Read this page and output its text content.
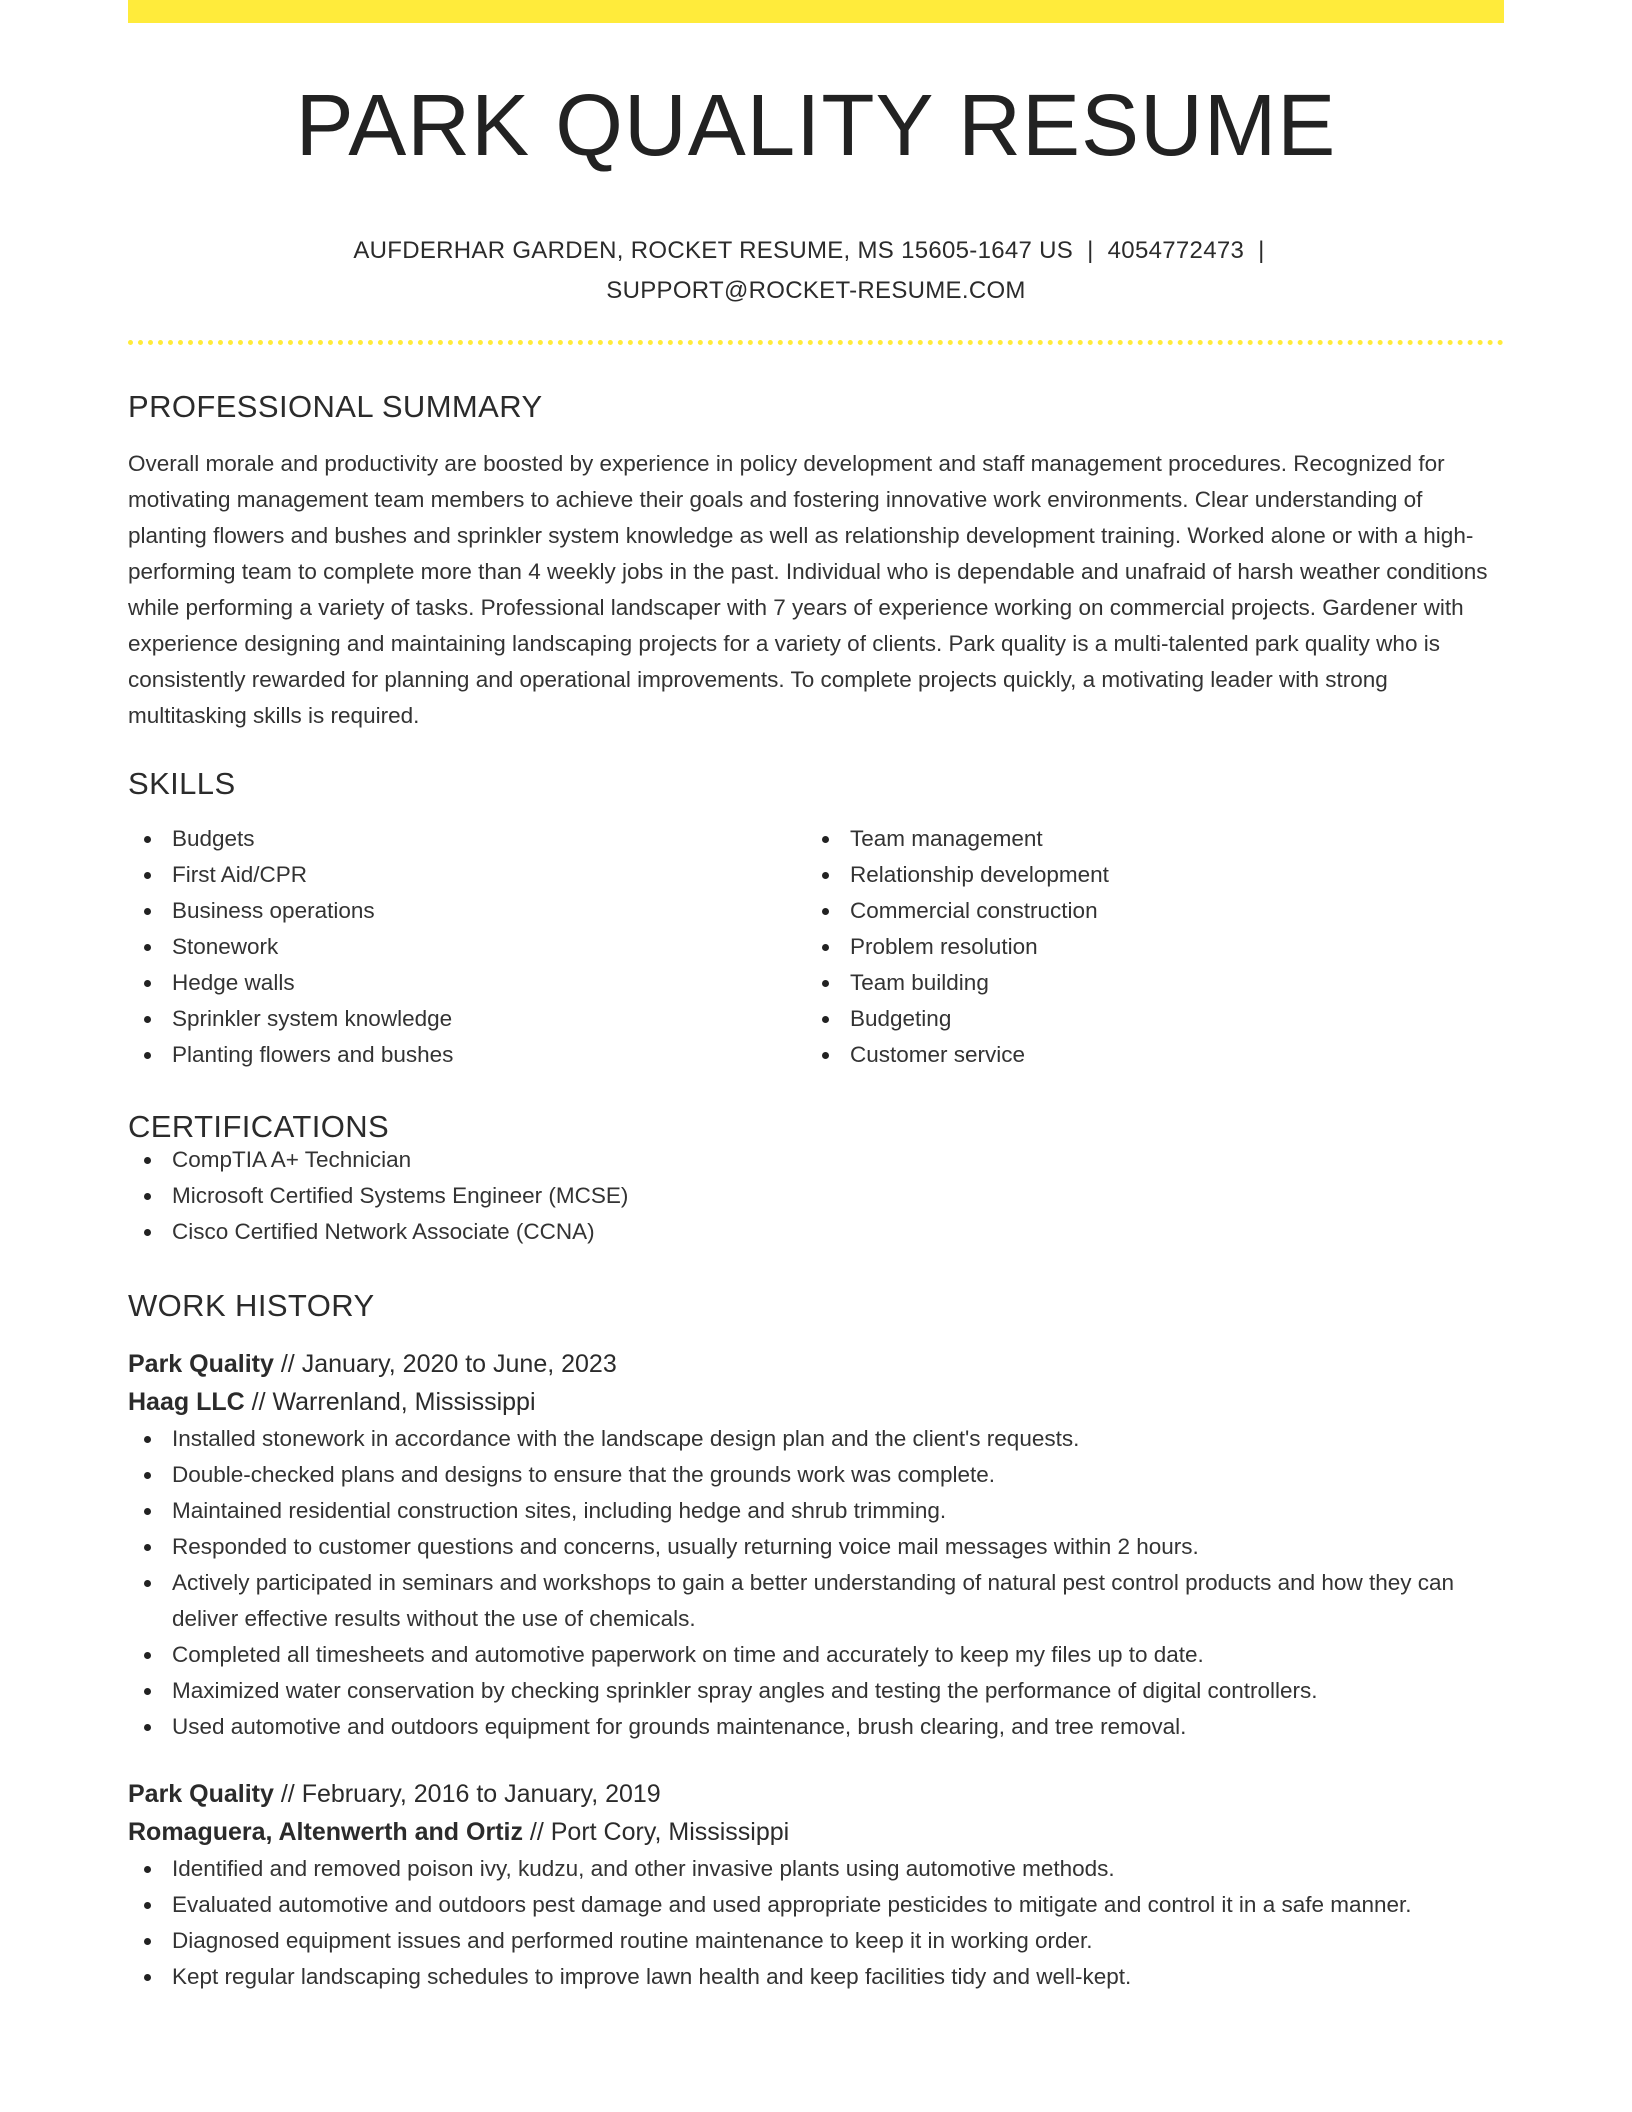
PARK QUALITY RESUME
AUFDERHAR GARDEN, ROCKET RESUME, MS 15605-1647 US | 4054772473 |
SUPPORT@ROCKET-RESUME.COM
PROFESSIONAL SUMMARY

Overall morale and productivity are boosted by experience in policy development and staff management procedures. Recognized for motivating management team members to achieve their goals and fostering innovative work environments. Clear understanding of planting flowers and bushes and sprinkler system knowledge as well as relationship development training. Worked alone or with a high-performing team to complete more than 4 weekly jobs in the past. Individual who is dependable and unafraid of harsh weather conditions while performing a variety of tasks. Professional landscaper with 7 years of experience working on commercial projects. Gardener with experience designing and maintaining landscaping projects for a variety of clients. Park quality is a multi-talented park quality who is consistently rewarded for planning and operational improvements. To complete projects quickly, a motivating leader with strong multitasking skills is required.

SKILLS
Budgets
First Aid/CPR
Business operations
Stonework
Hedge walls
Sprinkler system knowledge
Planting flowers and bushes
Team management
Relationship development
Commercial construction
Problem resolution
Team building
Budgeting
Customer service
CERTIFICATIONS
CompTIA A+ Technician
Microsoft Certified Systems Engineer (MCSE)
Cisco Certified Network Associate (CCNA)
WORK HISTORY
Park Quality // January, 2020 to June, 2023
Haag LLC // Warrenland, Mississippi
Installed stonework in accordance with the landscape design plan and the client's requests.
Double-checked plans and designs to ensure that the grounds work was complete.
Maintained residential construction sites, including hedge and shrub trimming.
Responded to customer questions and concerns, usually returning voice mail messages within 2 hours.
Actively participated in seminars and workshops to gain a better understanding of natural pest control products and how they can deliver effective results without the use of chemicals.
Completed all timesheets and automotive paperwork on time and accurately to keep my files up to date.
Maximized water conservation by checking sprinkler spray angles and testing the performance of digital controllers.
Used automotive and outdoors equipment for grounds maintenance, brush clearing, and tree removal.
Park Quality // February, 2016 to January, 2019
Romaguera, Altenwerth and Ortiz // Port Cory, Mississippi
Identified and removed poison ivy, kudzu, and other invasive plants using automotive methods.
Evaluated automotive and outdoors pest damage and used appropriate pesticides to mitigate and control it in a safe manner.
Diagnosed equipment issues and performed routine maintenance to keep it in working order.
Kept regular landscaping schedules to improve lawn health and keep facilities tidy and well-kept.
